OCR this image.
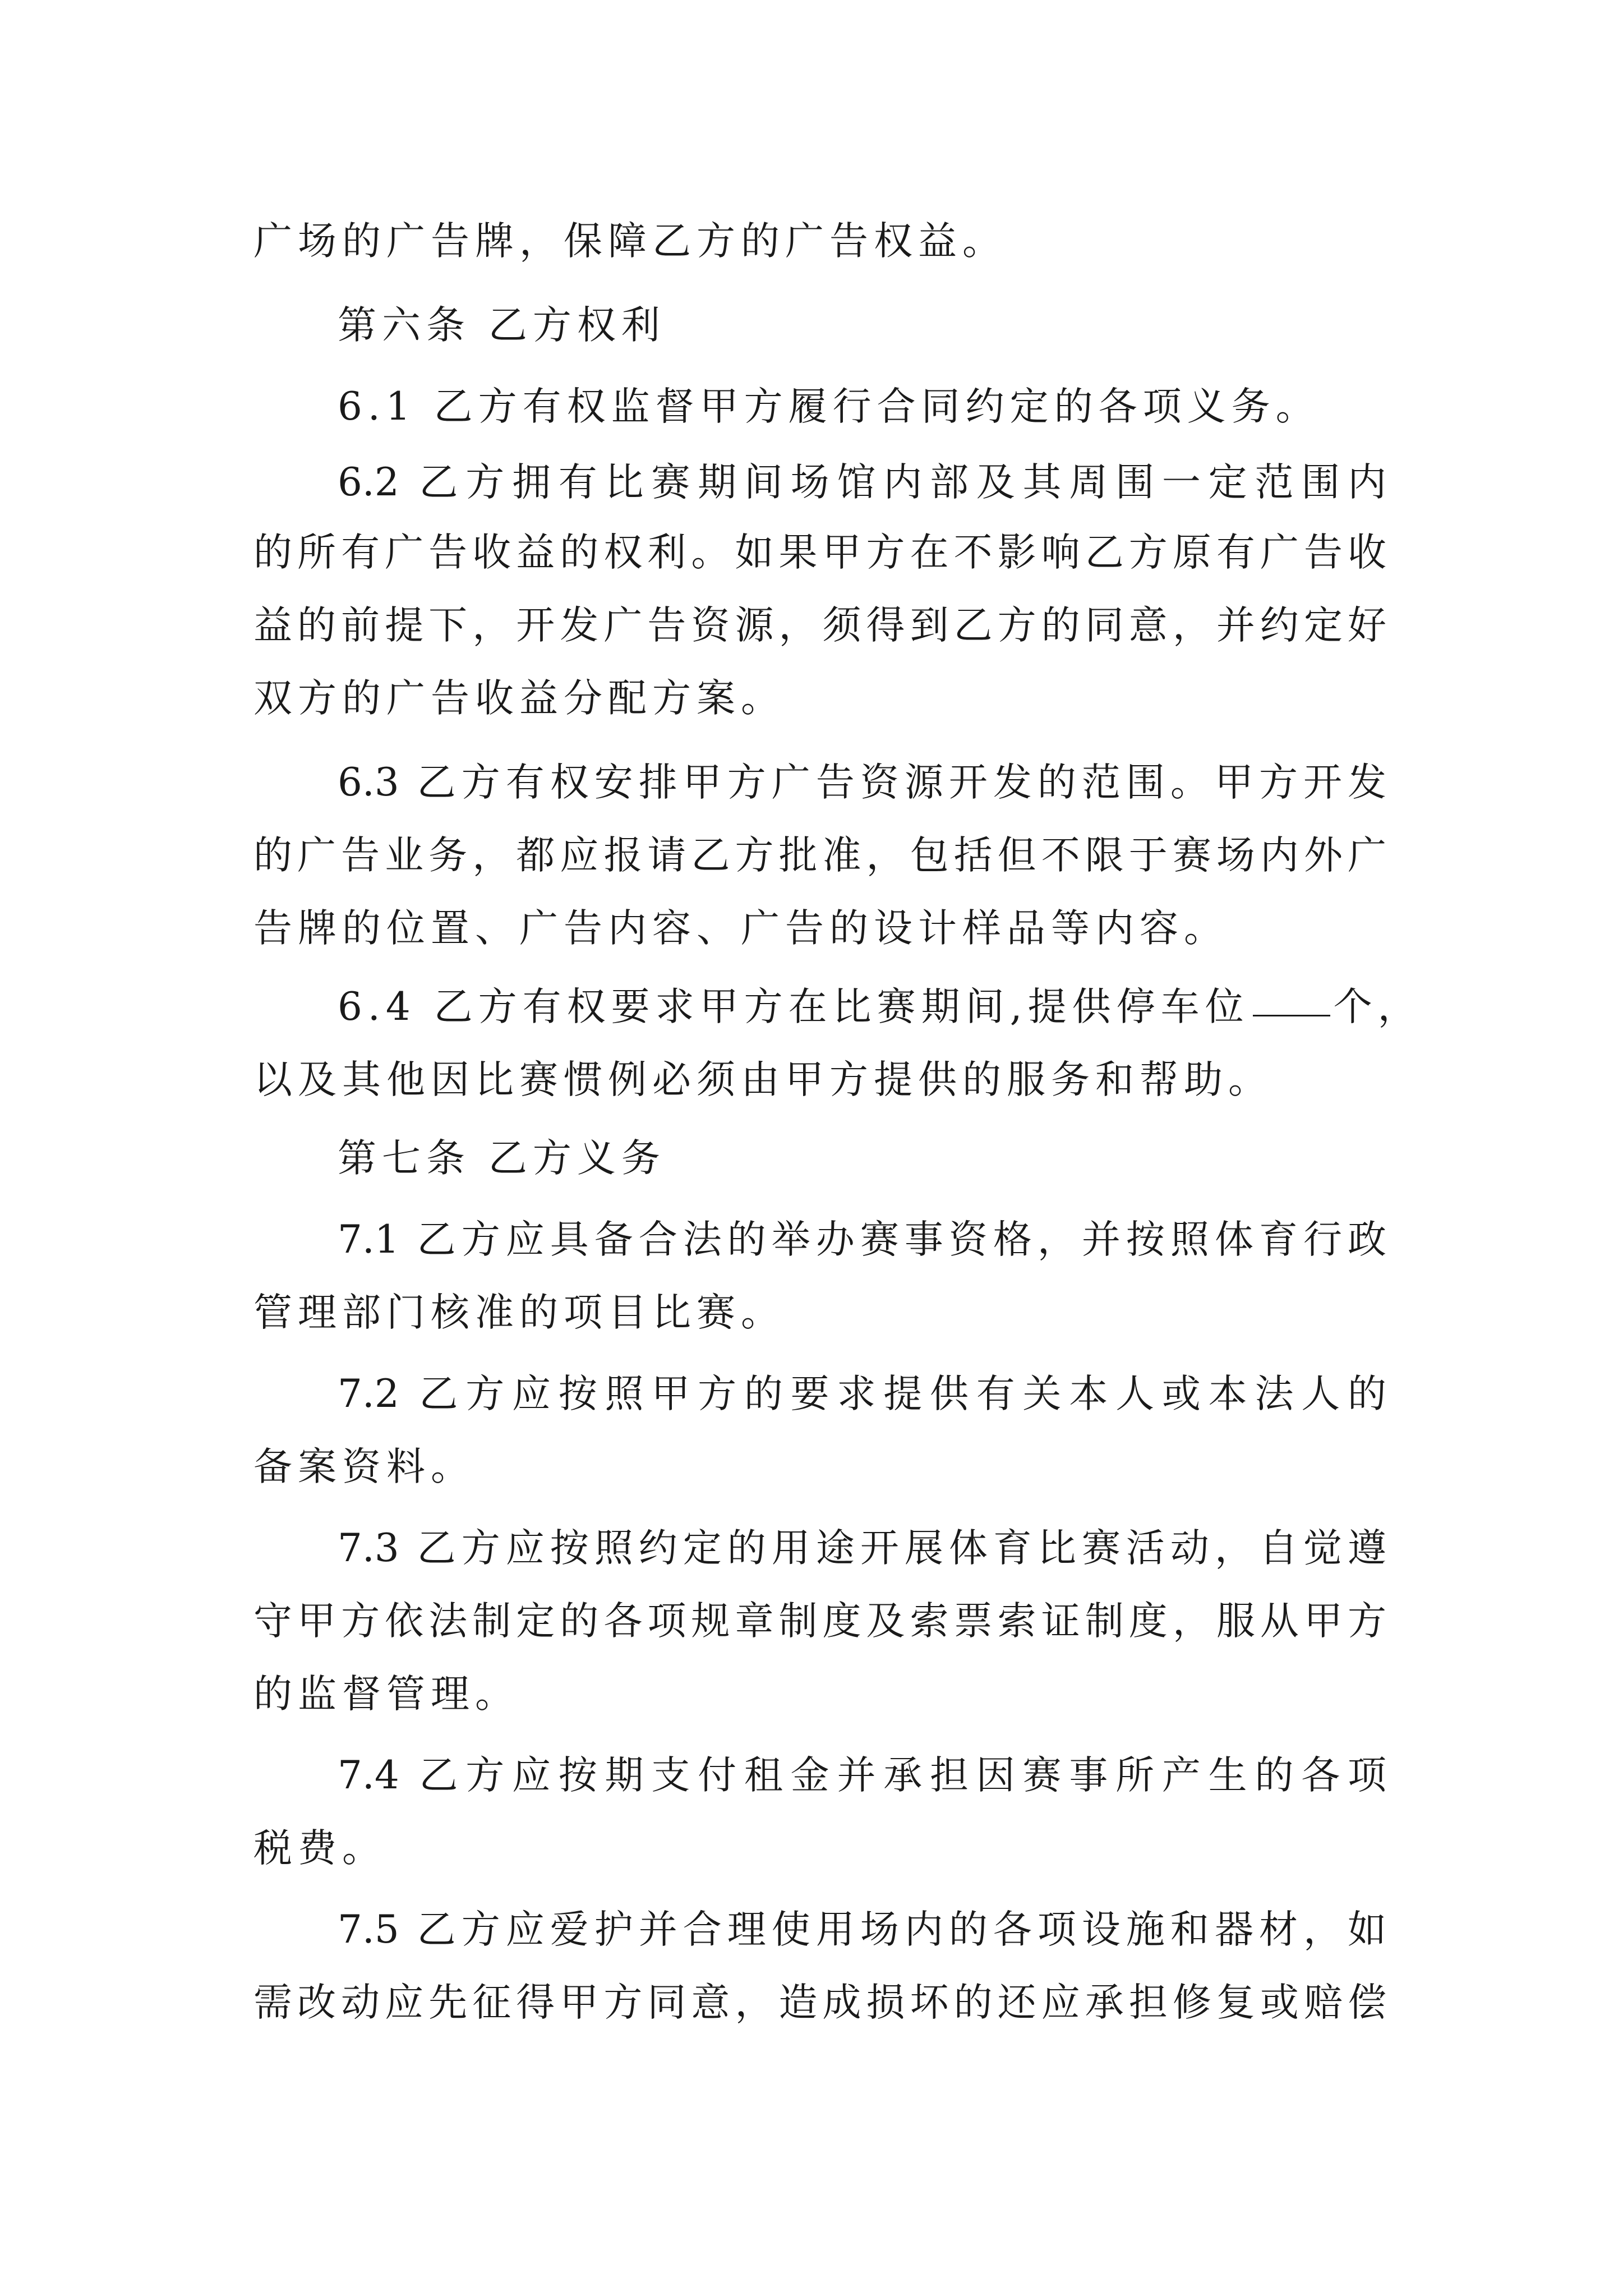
广场的广告牌，保障乙方的广告权益。
第六条 乙方权利
6.1 乙方有权监督甲方履行合同约定的各项义务。
6.2 乙方拥有比赛期间场馆内部及其周围一定范围内
的所有广告收益的权利。如果甲方在不影响乙方原有广告收
益的前提下，开发广告资源，须得到乙方的同意，并约定好
双方的广告收益分配方案。
6.3 乙方有权安排甲方广告资源开发的范围。甲方开发
的广告业务，都应报请乙方批准，包括但不限于赛场内外广
告牌的位置、广告内容、广告的设计样品等内容。
6.4 乙方有权要求甲方在比赛期间,提供停车位 个，
以及其他因比赛惯例必须由甲方提供的服务和帮助。
第七条 乙方义务
7.1 乙方应具备合法的举办赛事资格，并按照体育行政
管理部门核准的项目比赛。
7.2 乙方应按照甲方的要求提供有关本人或本法人的
备案资料。
7.3 乙方应按照约定的用途开展体育比赛活动，自觉遵
守甲方依法制定的各项规章制度及索票索证制度，服从甲方
的监督管理。
7.4 乙方应按期支付租金并承担因赛事所产生的各项
税费。
7.5 乙方应爱护并合理使用场内的各项设施和器材，如
需改动应先征得甲方同意，造成损坏的还应承担修复或赔偿
